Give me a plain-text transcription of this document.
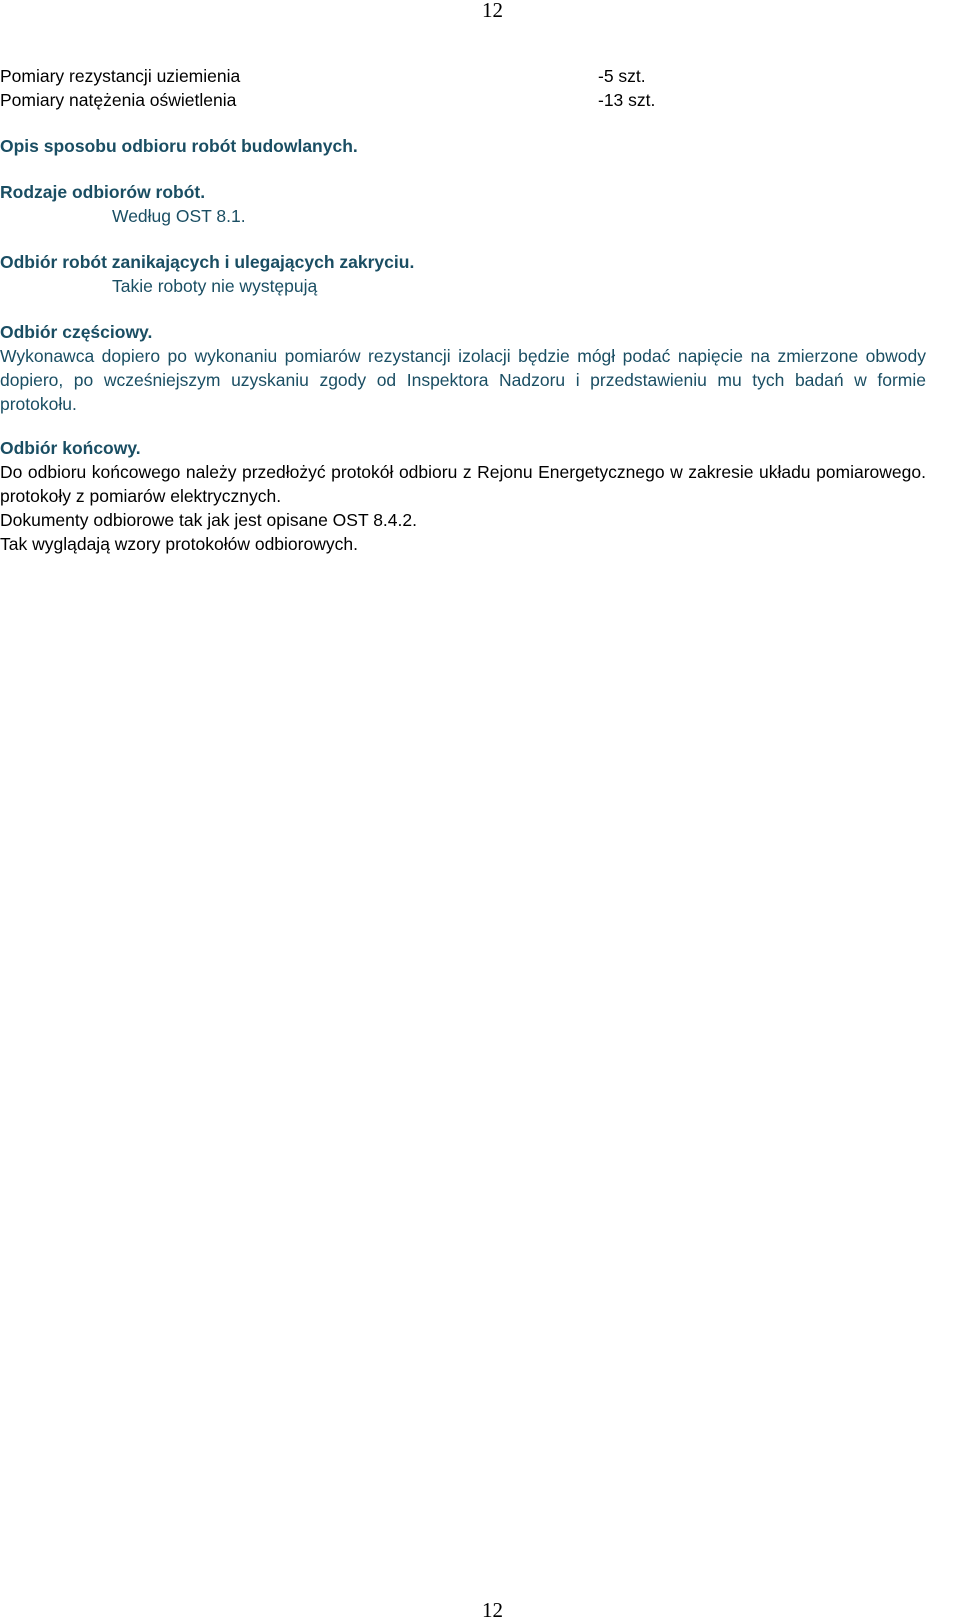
12
Pomiary rezystancji uziemienia	-5 szt.
Pomiary natężenia oświetlenia	-13 szt.

Opis sposobu odbioru robót budowlanych.

Rodzaje odbiorów robót.

Według OST 8.1.

Odbiór robót zanikających i ulegających zakryciu.

Takie roboty nie występują

Odbiór częściowy.

Wykonawca dopiero po wykonaniu pomiarów rezystancji izolacji będzie mógł podać napięcie na zmierzone obwody dopiero, po wcześniejszym uzyskaniu zgody od Inspektora Nadzoru i przedstawieniu mu tych badań w formie protokołu.

Odbiór końcowy.

Do odbioru końcowego należy przedłożyć protokół odbioru z Rejonu Energetycznego w zakresie układu pomiarowego. protokoły z pomiarów elektrycznych.

Dokumenty odbiorowe tak jak jest opisane OST 8.4.2.

Tak wyglądają wzory protokołów odbiorowych.

12
